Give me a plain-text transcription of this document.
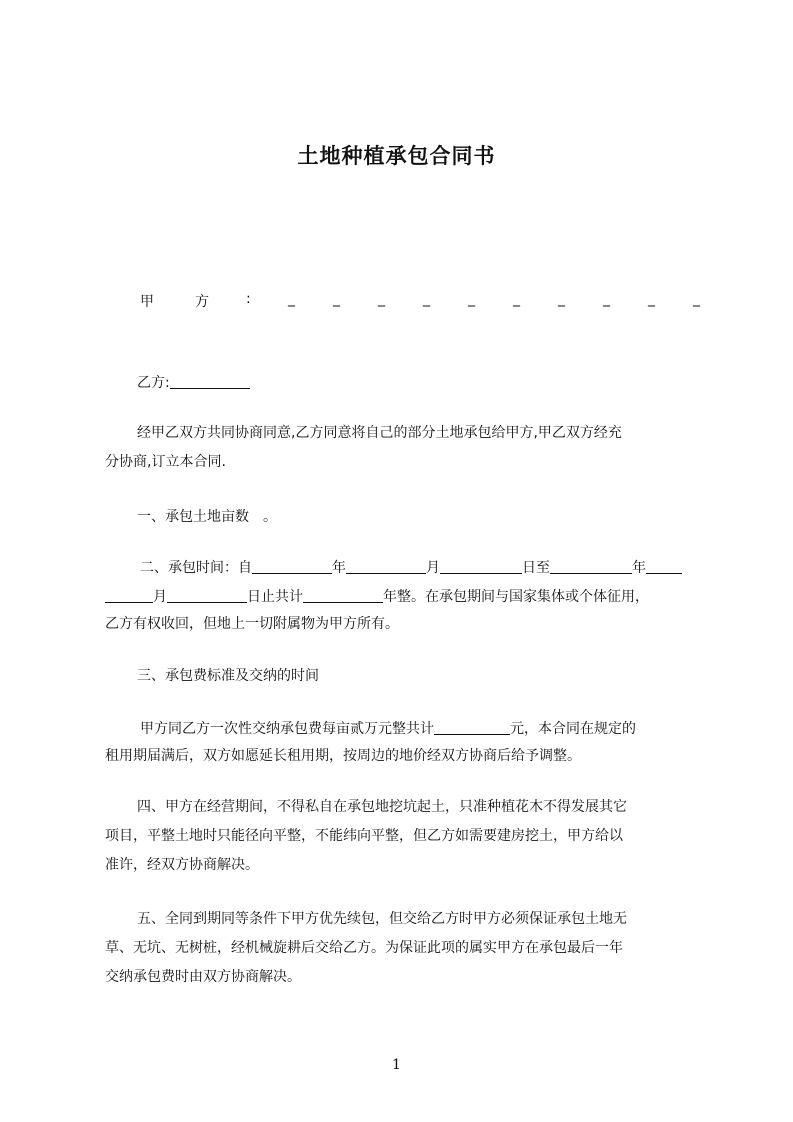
土地种植承包合同书
甲	方	:	_	_	_	_	_	_	_	_	_	_
乙方:
经甲乙双方共同协商同意,乙方同意将自己的部分土地承包给甲方,甲乙双方经充
分协商,订立本合同.
一、承包土地亩数　。
二、承包时间：自	年	月	日至	年
月	日止共计	年整。在承包期间与国家集体或个体征用，
乙方有权收回，但地上一切附属物为甲方所有。
三、承包费标准及交纳的时间
甲方同乙方一次性交纳承包费每亩贰万元整共计	元，本合同在规定的
租用期届满后，双方如愿延长租用期，按周边的地价经双方协商后给予调整。
四、甲方在经营期间，不得私自在承包地挖坑起土，只准种植花木不得发展其它
项目，平整土地时只能径向平整，不能纬向平整，但乙方如需要建房挖土，甲方给以
准许，经双方协商解决。
五、全同到期同等条件下甲方优先续包，但交给乙方时甲方必须保证承包土地无
草、无坑、无树桩，经机械旋耕后交给乙方。为保证此项的属实甲方在承包最后一年
交纳承包费时由双方协商解决。
1
